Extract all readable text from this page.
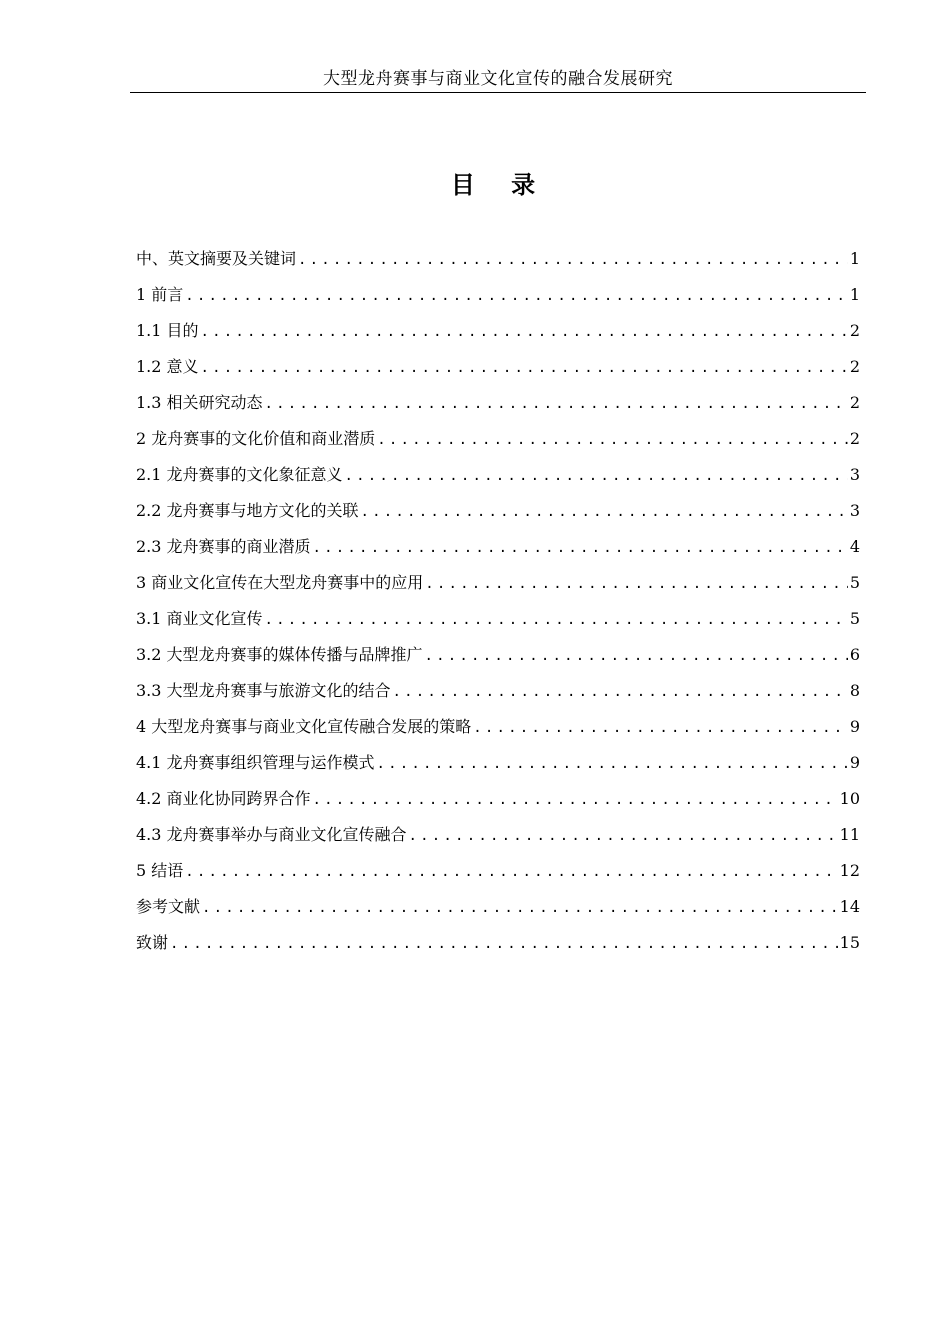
大型龙舟赛事与商业文化宣传的融合发展研究
目 录
中、英文摘要及关键词 .....	1
1 前言 .....	1
1.1 目的 .....	2
1.2 意义 .....	2
1.3 相关研究动态 .....	2
2 龙舟赛事的文化价值和商业潜质 .....	2
2.1 龙舟赛事的文化象征意义 .....	3
2.2 龙舟赛事与地方文化的关联 .....	3
2.3 龙舟赛事的商业潜质 .....	4
3 商业文化宣传在大型龙舟赛事中的应用 .....	5
3.1 商业文化宣传 .....	5
3.2 大型龙舟赛事的媒体传播与品牌推广 .....	6
3.3 大型龙舟赛事与旅游文化的结合 .....	8
4 大型龙舟赛事与商业文化宣传融合发展的策略 .....	9
4.1 龙舟赛事组织管理与运作模式 .....	9
4.2 商业化协同跨界合作 .....	10
4.3 龙舟赛事举办与商业文化宣传融合 .....	11
5 结语 .....	12
参考文献 .....	14
致谢 .....	15
